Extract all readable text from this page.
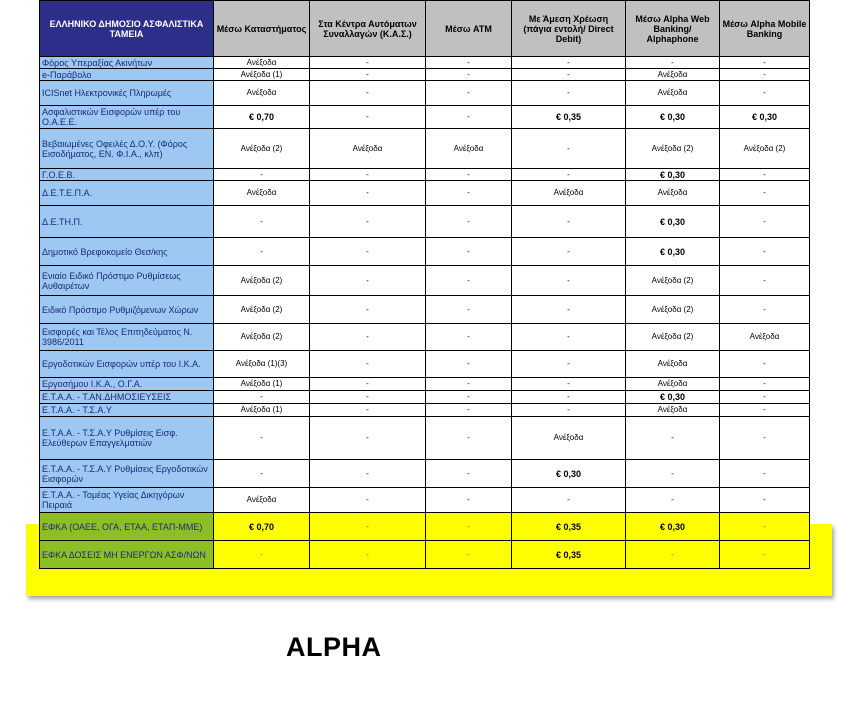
ΕΛΛΗΝΙΚΟ ΔΗΜΟΣΙΟ ΑΣΦΑΛΙΣΤΙΚΑ ΤΑΜΕΙΑ	Μέσω Καταστήματος	Στα Κέντρα Αυτόματων Συναλλαγών (Κ.Α.Σ.)	Μέσω ATM	Με Άμεση Χρέωση (πάγια εντολή/ Direct Debit)	Μέσω Alpha Web Banking/ Alphaphone	Μέσω Alpha Mobile Banking
Φόρος Υπεραξίας Ακινήτων	Ανέξοδα	-	-	-	-	-
e-Παράβολο	Ανέξοδα (1)	-	-	-	Ανέξοδα	-
ICISnet Ηλεκτρονικές Πληρωμές	Ανέξοδα	-	-	-	Ανέξοδα	-
Ασφαλιστικών Εισφορών υπέρ του Ο.Α.Ε.Ε.	€ 0,70	-	-	€ 0,35	€ 0,30	€ 0,30
Βεβαιωμένες Οφειλές Δ.Ο.Υ. (Φόρος Εισοδήματος, ΕΝ. Φ.Ι.Α., κλπ)	Ανέξοδα (2)	Ανέξοδα	Ανέξοδα	-	Ανέξοδα (2)	Ανέξοδα (2)
Γ.Ο.Ε.Β.	-	-	-	-	€ 0,30	-
Δ.Ε.Τ.Ε.Π.Α.	Ανέξοδα	-	-	Ανέξοδα	Ανέξοδα	-
Δ.Ε.ΤΗ.Π.	-	-	-	-	€ 0,30	-
Δημοτικό Βρεφοκομείο Θεσ/κης	-	-	-	-	€ 0,30	-
Ενιαίο Ειδικό Πρόστιμο Ρυθμίσεως Αυθαιρέτων	Ανέξοδα (2)	-	-	-	Ανέξοδα (2)	-
Ειδικό Πρόστιμο Ρυθμιζόμενων Χώρων	Ανέξοδα (2)	-	-	-	Ανέξοδα (2)	-
Εισφορές και Τέλος Επιτηδεύματος Ν. 3986/2011	Ανέξοδα (2)	-	-	-	Ανέξοδα (2)	Ανέξοδα
Εργοδοτικών Εισφορών υπέρ του Ι.Κ.Α.	Ανέξοδα (1)(3)	-	-	-	Ανέξοδα	-
Εργοσήμου Ι.Κ.Α., Ο.Γ.Α.	Ανέξοδα (1)	-	-	-	Ανέξοδα	-
Ε.Τ.Α.Α. - Τ.ΑΝ.ΔΗΜΟΣΙΕΥΣΕΙΣ	-	-	-	-	€ 0,30	-
Ε.Τ.Α.Α. - Τ.Σ.Α.Υ	Ανέξοδα (1)	-	-	-	Ανέξοδα	-
Ε.Τ.Α.Α. - Τ.Σ.Α.Υ Ρυθμίσεις Εισφ. Ελεύθερων Επαγγελματιών	-	-	-	Ανέξοδα	-	-
Ε.Τ.Α.Α. - Τ.Σ.Α.Υ Ρυθμίσεις Εργοδοτικών Εισφορών	-	-	-	€ 0,30	-	-
Ε.Τ.Α.Α. - Τομέας Υγείας Δικηγόρων Πειραιά	Ανέξοδα	-	-	-	-	-
ΕΦΚΑ (ΟΑΕΕ, ΟΓΑ, ΕΤΑΑ, ΕΤΑΠ-ΜΜΕ)	€ 0,70	-	-	€ 0,35	€ 0,30	-
ΕΦΚΑ ΔΟΣΕΙΣ ΜΗ ΕΝΕΡΓΩΝ ΑΣΦ/ΝΩΝ	-	-	-	€ 0,35	-	-
ALPHA
